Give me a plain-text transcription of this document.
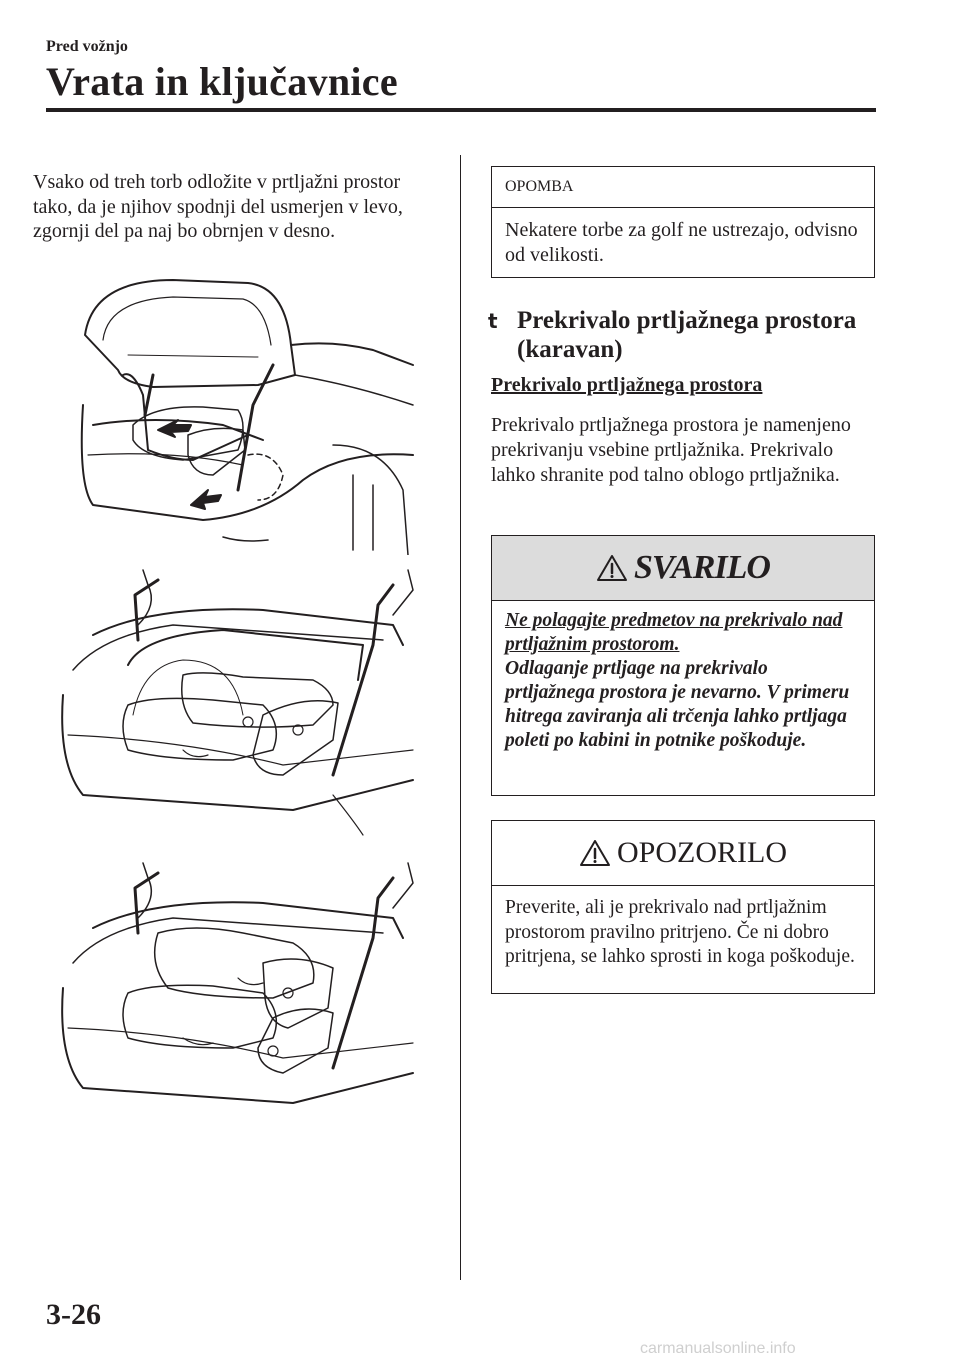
Pred vožnjo
Vrata in ključavnice
Vsako od treh torb odložite v prtljažni prostor tako, da je njihov spodnji del usmerjen v levo, zgornji del pa naj bo obrnjen v desno.
OPOMBA
Nekatere torbe za golf ne ustrezajo, odvisno od velikosti.
t Prekrivalo prtljažnega prostora (karavan)
Prekrivalo prtljažnega prostora
Prekrivalo prtljažnega prostora je namenjeno prekrivanju vsebine prtljažnika. Prekrivalo lahko shranite pod talno oblogo prtljažnika.
SVARILO
Ne polagajte predmetov na prekrivalo nad prtljažnim prostorom.
Odlaganje prtljage na prekrivalo prtljažnega prostora je nevarno. V primeru hitrega zaviranja ali trčenja lahko prtljaga poleti po kabini in potnike poškoduje.
OPOZORILO
Preverite, ali je prekrivalo nad prtljažnim prostorom pravilno pritrjeno. Če ni dobro pritrjena, se lahko sprosti in koga poškoduje.
3-26
carmanualsonline.info
